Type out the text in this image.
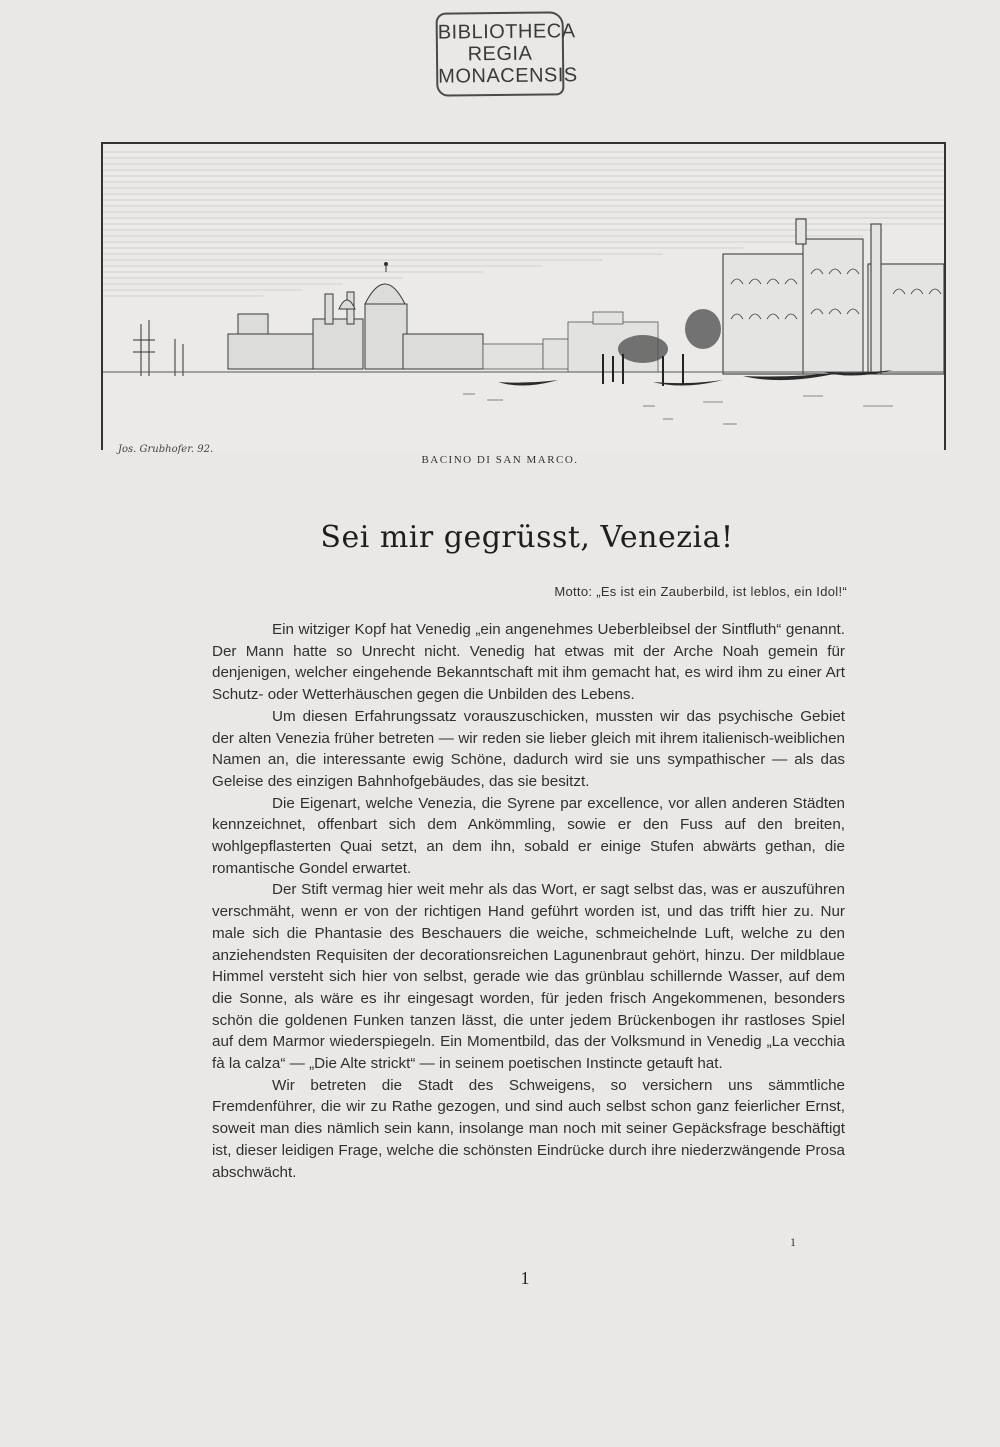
BIBLIOTHECA
REGIA
MONACENSIS
Jos. Grubhofer. 92.
BACINO DI SAN MARCO.
Sei mir gegrüsst, Venezia!
Motto: „Es ist ein Zauberbild, ist leblos, ein Idol!“

Ein witziger Kopf hat Venedig „ein angenehmes Ueberbleibsel der Sintfluth“ genannt. Der Mann hatte so Unrecht nicht. Venedig hat etwas mit der Arche Noah gemein für denjenigen, welcher eingehende Bekanntschaft mit ihm gemacht hat, es wird ihm zu einer Art Schutz- oder Wetterhäuschen gegen die Unbilden des Lebens.

Um diesen Erfahrungssatz vorauszuschicken, mussten wir das psychische Gebiet der alten Venezia früher betreten — wir reden sie lieber gleich mit ihrem italienisch-weiblichen Namen an, die interessante ewig Schöne, dadurch wird sie uns sympathischer — als das Geleise des einzigen Bahnhofgebäudes, das sie besitzt.

Die Eigenart, welche Venezia, die Syrene par excellence, vor allen anderen Städten kennzeichnet, offenbart sich dem Ankömmling, sowie er den Fuss auf den breiten, wohlgepflasterten Quai setzt, an dem ihn, sobald er einige Stufen abwärts gethan, die romantische Gondel erwartet.

Der Stift vermag hier weit mehr als das Wort, er sagt selbst das, was er auszuführen verschmäht, wenn er von der richtigen Hand geführt worden ist, und das trifft hier zu. Nur male sich die Phantasie des Beschauers die weiche, schmeichelnde Luft, welche zu den anziehendsten Requisiten der decorationsreichen Lagunenbraut gehört, hinzu. Der mildblaue Himmel versteht sich hier von selbst, gerade wie das grünblau schillernde Wasser, auf dem die Sonne, als wäre es ihr eingesagt worden, für jeden frisch Angekommenen, besonders schön die goldenen Funken tanzen lässt, die unter jedem Brückenbogen ihr rastloses Spiel auf dem Marmor wiederspiegeln. Ein Momentbild, das der Volksmund in Venedig „La vecchia fà la calza“ — „Die Alte strickt“ — in seinem poetischen Instincte getauft hat.

Wir betreten die Stadt des Schweigens, so versichern uns sämmtliche Fremdenführer, die wir zu Rathe gezogen, und sind auch selbst schon ganz feierlicher Ernst, soweit man dies nämlich sein kann, insolange man noch mit seiner Gepäcksfrage beschäftigt ist, dieser leidigen Frage, welche die schönsten Eindrücke durch ihre niederzwängende Prosa abschwächt.

1
1
